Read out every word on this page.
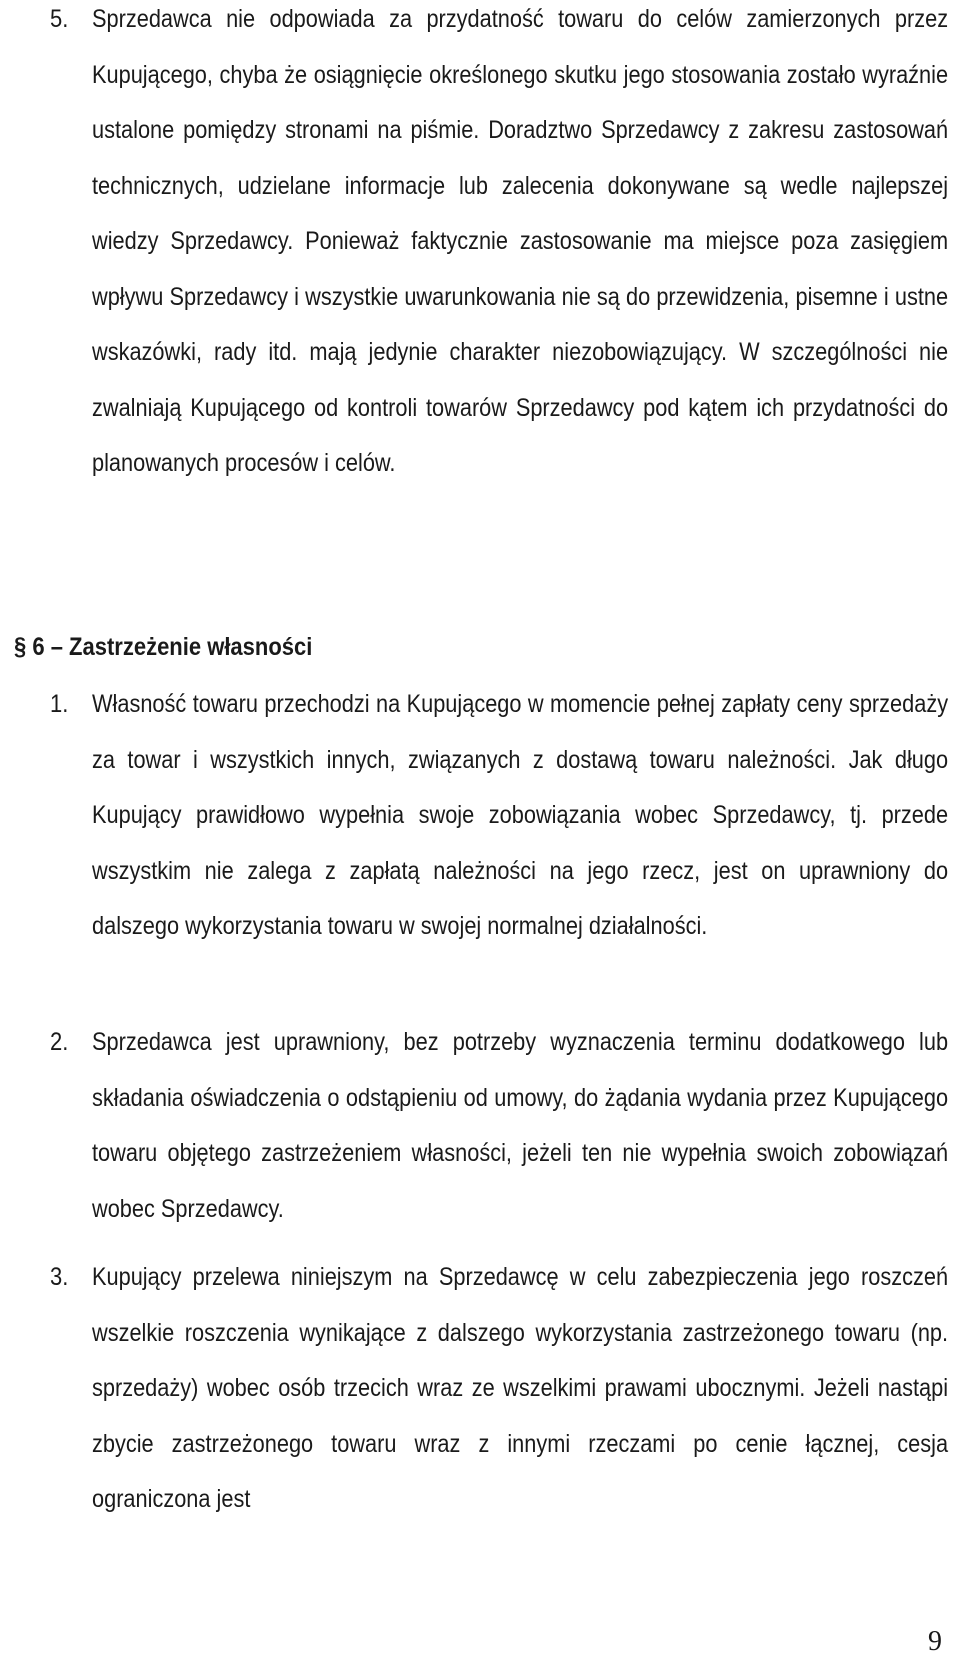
5. Sprzedawca nie odpowiada za przydatność towaru do celów zamierzonych przez Kupującego, chyba że osiągnięcie określonego skutku jego stosowania zostało wyraźnie ustalone pomiędzy stronami na piśmie. Doradztwo Sprzedawcy z zakresu zastosowań technicznych, udzielane informacje lub zalecenia dokonywane są wedle najlepszej wiedzy Sprzedawcy. Ponieważ faktycznie zastosowanie ma miejsce poza zasięgiem wpływu Sprzedawcy i wszystkie uwarunkowania nie są do przewidzenia, pisemne i ustne wskazówki, rady itd. mają jedynie charakter niezobowiązujący. W szczególności nie zwalniają Kupującego od kontroli towarów Sprzedawcy pod kątem ich przydatności do planowanych procesów i celów.
§ 6 – Zastrzeżenie własności
1. Własność towaru przechodzi na Kupującego w momencie pełnej zapłaty ceny sprzedaży za towar i wszystkich innych, związanych z dostawą towaru należności. Jak długo Kupujący prawidłowo wypełnia swoje zobowiązania wobec Sprzedawcy, tj. przede wszystkim nie zalega z zapłatą należności na jego rzecz, jest on uprawniony do dalszego wykorzystania towaru w swojej normalnej działalności.
2. Sprzedawca jest uprawniony, bez potrzeby wyznaczenia terminu dodatkowego lub składania oświadczenia o odstąpieniu od umowy, do żądania wydania przez Kupującego towaru objętego zastrzeżeniem własności, jeżeli ten nie wypełnia swoich zobowiązań wobec Sprzedawcy.
3. Kupujący przelewa niniejszym na Sprzedawcę w celu zabezpieczenia jego roszczeń wszelkie roszczenia wynikające z dalszego wykorzystania zastrzeżonego towaru (np. sprzedaży) wobec osób trzecich wraz ze wszelkimi prawami ubocznymi. Jeżeli nastąpi zbycie zastrzeżonego towaru wraz z innymi rzeczami po cenie łącznej, cesja ograniczona jest
9
